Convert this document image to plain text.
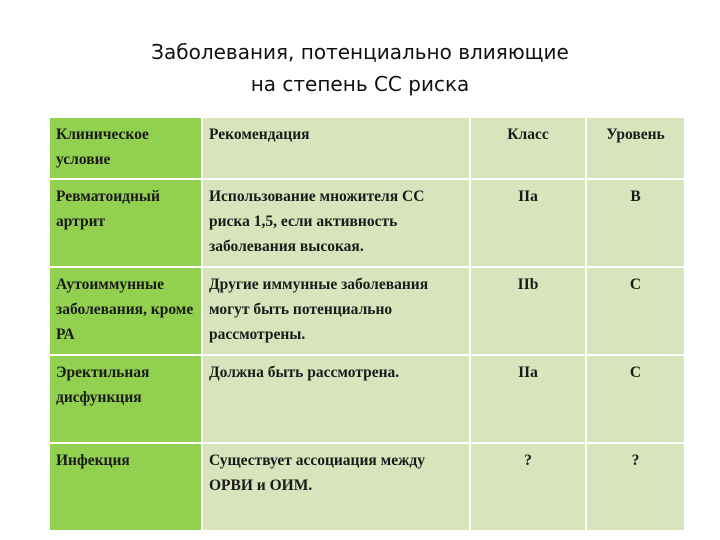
Заболевания, потенциально влияющие
на степень СС риска
Клиническое условие	Рекомендация	Класс	Уровень
Ревматоидный артрит	Использование множителя СС риска 1,5, если активность заболевания высокая.	IIa	B
Аутоиммунные заболевания, кроме РА	Другие иммунные заболевания могут быть потенциально рассмотрены.	IIb	C
Эректильная дисфункция	Должна быть рассмотрена.	IIa	C
Инфекция	Существует ассоциация между ОРВИ и ОИМ.	?	?
